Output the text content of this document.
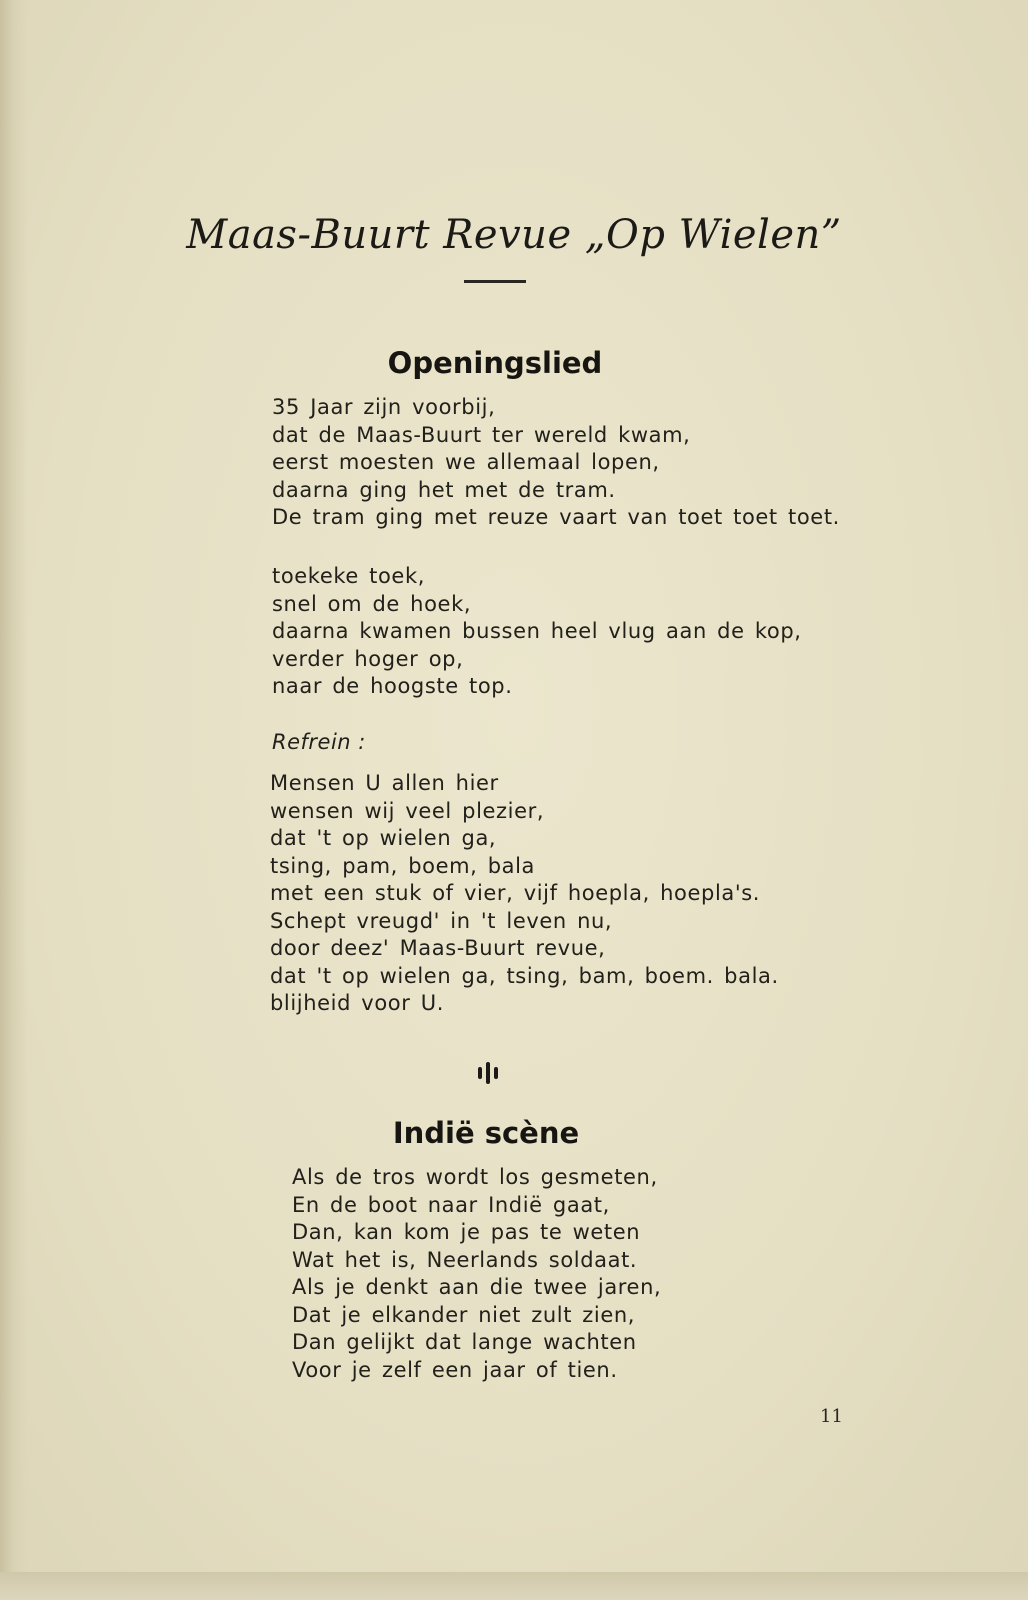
Maas-Buurt Revue „Op Wielen”
Openingslied
35 Jaar zijn voorbij,
dat de Maas-Buurt ter wereld kwam,
eerst moesten we allemaal lopen,
daarna ging het met de tram.
De tram ging met reuze vaart van toet toet toet.
toekeke toek,
snel om de hoek,
daarna kwamen bussen heel vlug aan de kop,
verder hoger op,
naar de hoogste top.
Refrein :
Mensen U allen hier
wensen wij veel plezier,
dat 't op wielen ga,
tsing, pam, boem, bala
met een stuk of vier, vijf hoepla, hoepla's.
Schept vreugd' in 't leven nu,
door deez' Maas-Buurt revue,
dat 't op wielen ga, tsing, bam, boem. bala.
blijheid voor U.
Indië scène
Als de tros wordt los gesmeten,
En de boot naar Indië gaat,
Dan, kan kom je pas te weten
Wat het is, Neerlands soldaat.
Als je denkt aan die twee jaren,
Dat je elkander niet zult zien,
Dan gelijkt dat lange wachten
Voor je zelf een jaar of tien.
11
